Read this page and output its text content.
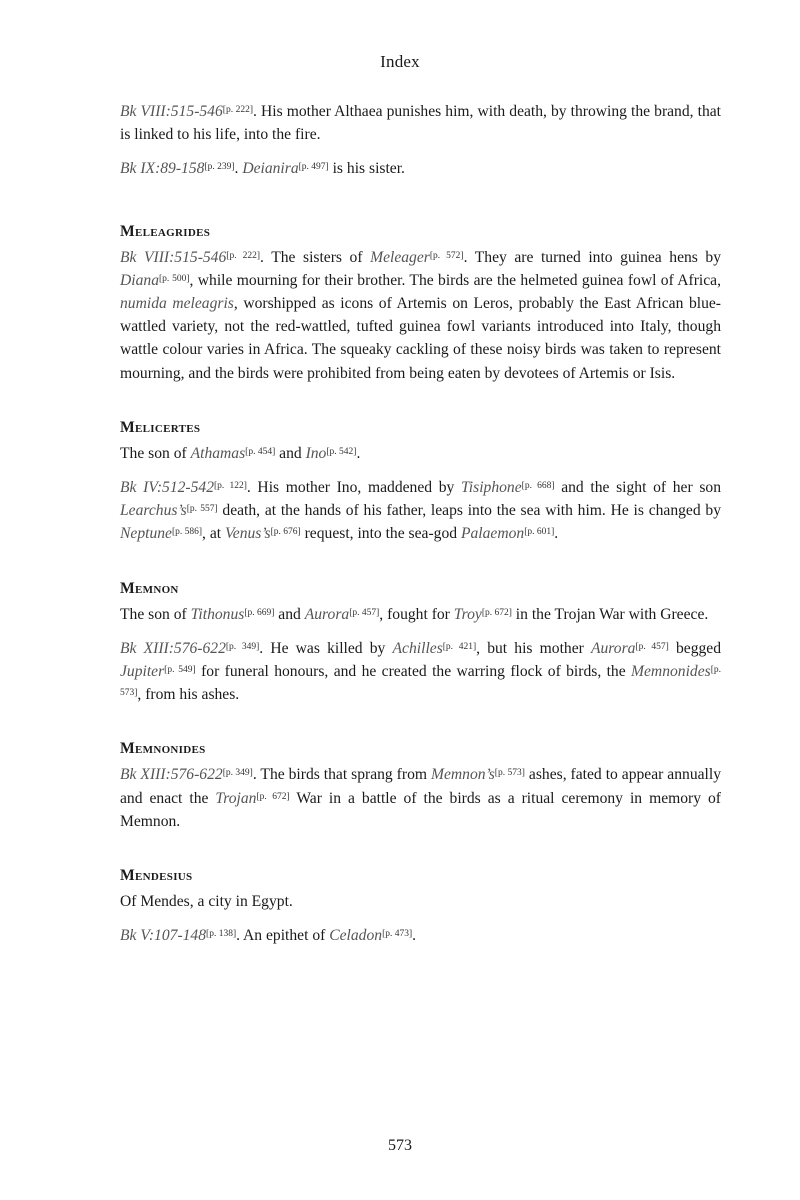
Index

Bk VIII:515-546[p. 222]. His mother Althaea punishes him, with death, by throwing the brand, that is linked to his life, into the fire.

Bk IX:89-158[p. 239]. Deianira[p. 497] is his sister.

Meleagrides

Bk VIII:515-546[p. 222]. The sisters of Meleager[p. 572]. They are turned into guinea hens by Diana[p. 500], while mourning for their brother. The birds are the helmeted guinea fowl of Africa, numida meleagris, worshipped as icons of Artemis on Leros, probably the East African blue-wattled variety, not the red-wattled, tufted guinea fowl variants introduced into Italy, though wattle colour varies in Africa. The squeaky cackling of these noisy birds was taken to represent mourning, and the birds were prohibited from being eaten by devotees of Artemis or Isis.

Melicertes

The son of Athamas[p. 454] and Ino[p. 542].

Bk IV:512-542[p. 122]. His mother Ino, maddened by Tisiphone[p. 668] and the sight of her son Learchus’s[p. 557] death, at the hands of his father, leaps into the sea with him. He is changed by Neptune[p. 586], at Venus’s[p. 676] request, into the sea-god Palaemon[p. 601].

Memnon

The son of Tithonus[p. 669] and Aurora[p. 457], fought for Troy[p. 672] in the Trojan War with Greece.

Bk XIII:576-622[p. 349]. He was killed by Achilles[p. 421], but his mother Aurora[p. 457] begged Jupiter[p. 549] for funeral honours, and he created the warring flock of birds, the Memnonides[p. 573], from his ashes.

Memnonides

Bk XIII:576-622[p. 349]. The birds that sprang from Memnon’s[p. 573] ashes, fated to appear annually and enact the Trojan[p. 672] War in a battle of the birds as a ritual ceremony in memory of Memnon.

Mendesius

Of Mendes, a city in Egypt.

Bk V:107-148[p. 138]. An epithet of Celadon[p. 473].

573
